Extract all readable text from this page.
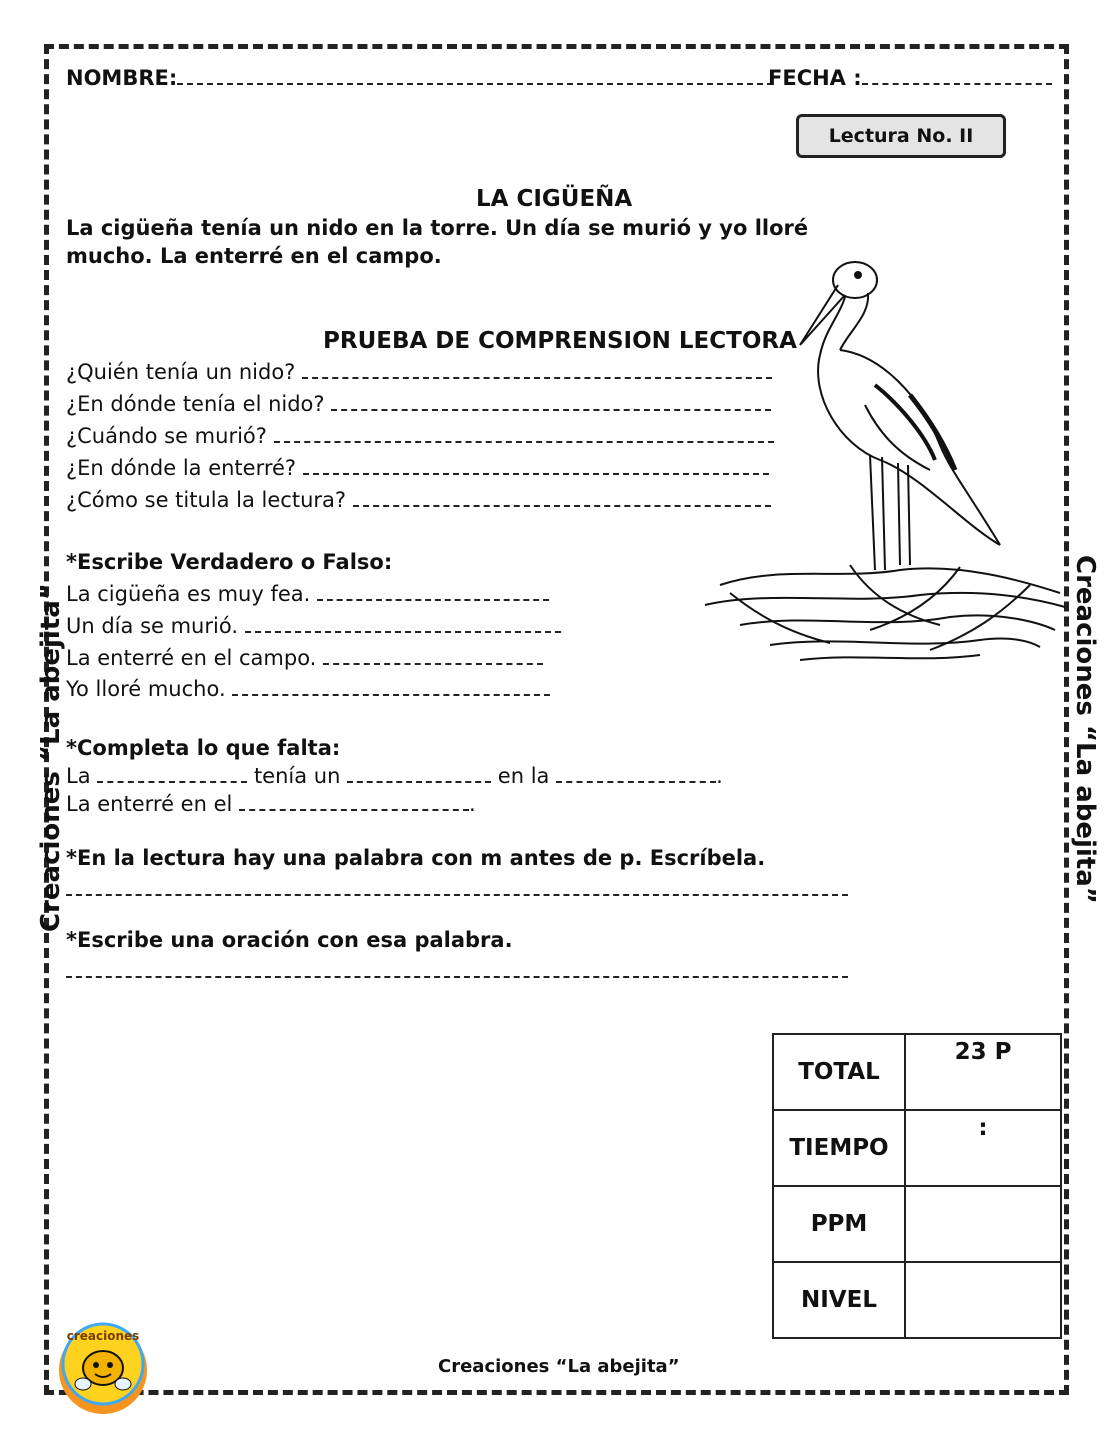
NOMBRE:	FECHA :
Lectura No. II
LA CIGÜEÑA
La cigüeña tenía un nido en la torre. Un día se murió y yo lloré
mucho. La enterré en el campo.
PRUEBA DE COMPRENSION LECTORA
¿Quién tenía un nido?
¿En dónde tenía el nido?
¿Cuándo se murió?
¿En dónde la enterré?
¿Cómo se titula la lectura?
*Escribe Verdadero o Falso:
La cigüeña es muy fea.
Un día se murió.
La enterré en el campo.
Yo lloré mucho.
*Completa lo que falta:
La	tenía un	en la	.
La enterré en el	.
*En la lectura hay una palabra con m antes de p. Escríbela.
*Escribe una oración con esa palabra.
TOTAL	23 P
TIEMPO	:
PPM	
NIVEL	
Creaciones “La abejita”	Creaciones “La abejita”
Creaciones “La abejita”
creaciones
